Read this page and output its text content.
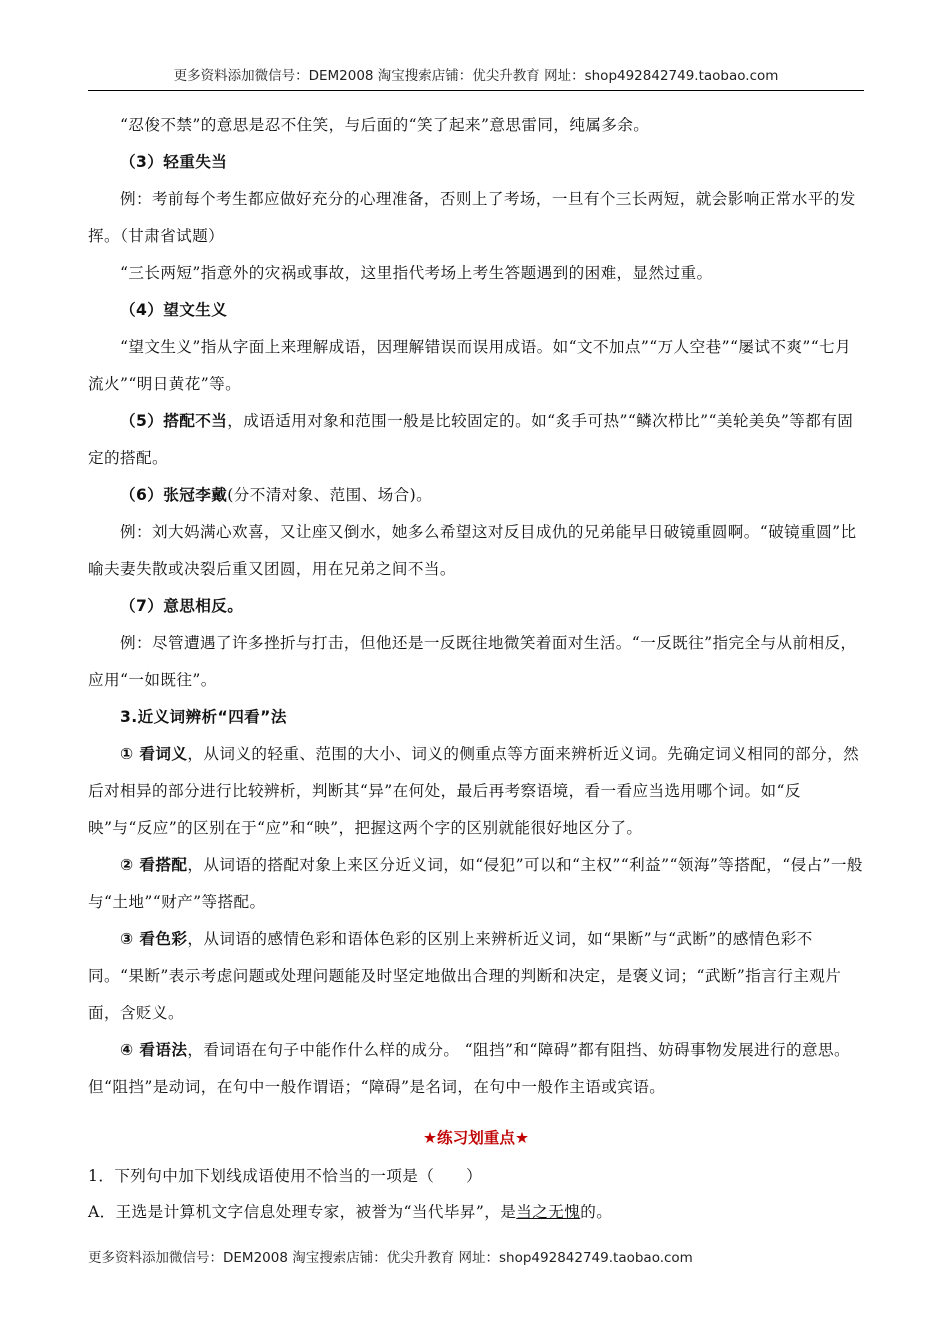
更多资料添加微信号：DEM2008 淘宝搜索店铺：优尖升教育 网址：shop492842749.taobao.com

“忍俊不禁”的意思是忍不住笑，与后面的“笑了起来”意思雷同，纯属多余。

（3）轻重失当

例：考前每个考生都应做好充分的心理准备，否则上了考场，一旦有个三长两短，就会影响正常水平的发挥。（甘肃省试题）

“三长两短”指意外的灾祸或事故，这里指代考场上考生答题遇到的困难，显然过重。

（4）望文生义

“望文生义”指从字面上来理解成语，因理解错误而误用成语。如“文不加点”“万人空巷”“屡试不爽”“七月流火”“明日黄花”等。

（5）搭配不当，成语适用对象和范围一般是比较固定的。如“炙手可热”“鳞次栉比”“美轮美奂”等都有固定的搭配。

（6）张冠李戴(分不清对象、范围、场合)。

例：刘大妈满心欢喜，又让座又倒水，她多么希望这对反目成仇的兄弟能早日破镜重圆啊。“破镜重圆”比喻夫妻失散或决裂后重又团圆，用在兄弟之间不当。

（7）意思相反。

例：尽管遭遇了许多挫折与打击，但他还是一反既往地微笑着面对生活。“一反既往”指完全与从前相反，应用“一如既往”。

3.近义词辨析“四看”法

① 看词义，从词义的轻重、范围的大小、词义的侧重点等方面来辨析近义词。先确定词义相同的部分，然后对相异的部分进行比较辨析，判断其“异”在何处，最后再考察语境，看一看应当选用哪个词。如“反映”与“反应”的区别在于“应”和“映”，把握这两个字的区别就能很好地区分了。

② 看搭配，从词语的搭配对象上来区分近义词，如“侵犯”可以和“主权”“利益”“领海”等搭配，“侵占”一般与“土地”“财产”等搭配。

③ 看色彩，从词语的感情色彩和语体色彩的区别上来辨析近义词，如“果断”与“武断”的感情色彩不同。“果断”表示考虑问题或处理问题能及时坚定地做出合理的判断和决定，是褒义词；“武断”指言行主观片面，含贬义。

④ 看语法，看词语在句子中能作什么样的成分。 “阻挡”和“障碍”都有阻挡、妨碍事物发展进行的意思。但“阻挡”是动词，在句中一般作谓语；“障碍”是名词，在句中一般作主语或宾语。

★练习划重点★
1．下列句中加下划线成语使用不恰当的一项是（　　）
A．王选是计算机文字信息处理专家，被誉为“当代毕昇”，是当之无愧的。
更多资料添加微信号：DEM2008 淘宝搜索店铺：优尖升教育 网址：shop492842749.taobao.com
